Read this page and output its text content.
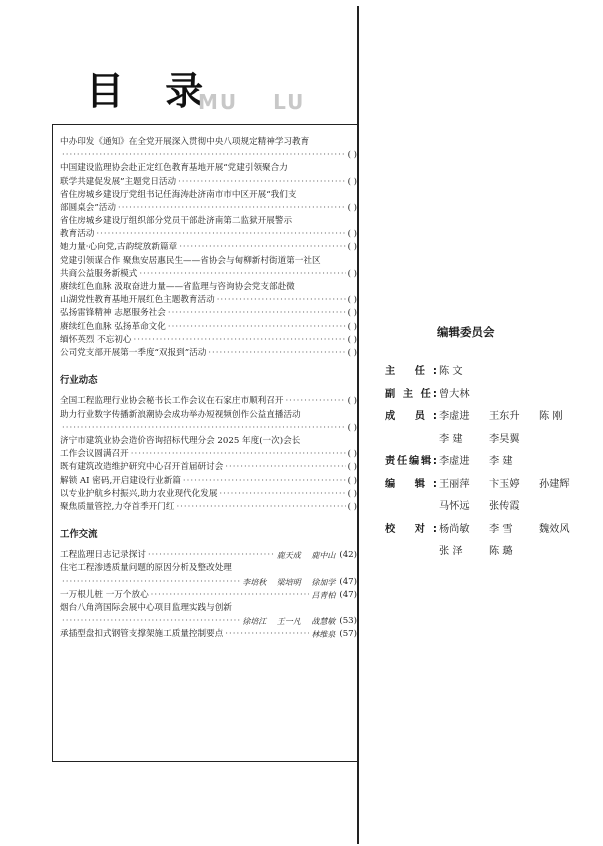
目 录
MU LU
中办印发《通知》在全党开展深入贯彻中央八项规定精神学习教育
·····
( )
中国建设监理协会赴正定红色教育基地开展“党建引领聚合力
联学共建促发展”主题党日活动 ·····	( )
省住房城乡建设厅党组书记任海涛赴济南市市中区开展“我们支
部圆桌会”活动 ·····	( )
省住房城乡建设厅组织部分党员干部赴济南第二监狱开展警示
教育活动 ·····	( )
她力量·心向党,古韵绽放新篇章 ·····	( )
党建引领谋合作 聚焦安居惠民生——省协会与甸柳新村街道第一社区
共商公益服务新模式 ·····	( )
赓续红色血脉 汲取奋进力量——省监理与咨询协会党支部赴微
山湖党性教育基地开展红色主题教育活动 ·····	( )
弘扬雷锋精神 志愿服务社会 ·····	( )
赓续红色血脉 弘扬革命文化 ·····	( )
缅怀英烈 不忘初心 ·····	( )
公司党支部开展第一季度“双报到”活动 ·····	( )
行业动态
全国工程监理行业协会秘书长工作会议在石家庄市顺利召开 ·····	( )
助力行业数字传播新浪潮协会成功举办短视频创作公益直播活动
·····
( )
济宁市建筑业协会造价咨询招标代理分会 2025 年度(一次)会长
工作会议圆满召开 ·····	( )
既有建筑改造维护研究中心召开首届研讨会 ·····	( )
解锁 AI 密码,开启建设行业新篇 ·····	( )
以专业护航乡村振兴,助力农业现代化发展 ·····	( )
聚焦质量管控,力夺首季开门红 ·····	( )
工作交流
工程监理日志记录探讨 ·····	鹿天成 鹿中山 (42)
住宅工程渗透质量问题的原因分析及整改处理
·····
李培秋 梁培明 徐加学 (47)
一万根儿桩 一万个放心 ·····	吕青柏 (47)
烟台八角湾国际会展中心项目监理实践与创新
·····
徐培江 王一凡 战慧敏 (53)
承插型盘扣式钢管支撑架施工质量控制要点 ·····	林维泉 (57)
编辑委员会
主 任: 陈 文
副 主 任: 曾大林
成 员: 李虚进	王东升	陈 刚
李 建	李昊翼
责任编辑: 李虚进	李 建
编 辑: 王丽萍	卞玉婷	孙建辉
马怀远	张传霞
校 对: 杨尚敏	李 雪	魏效风
张 泽	陈 璐
